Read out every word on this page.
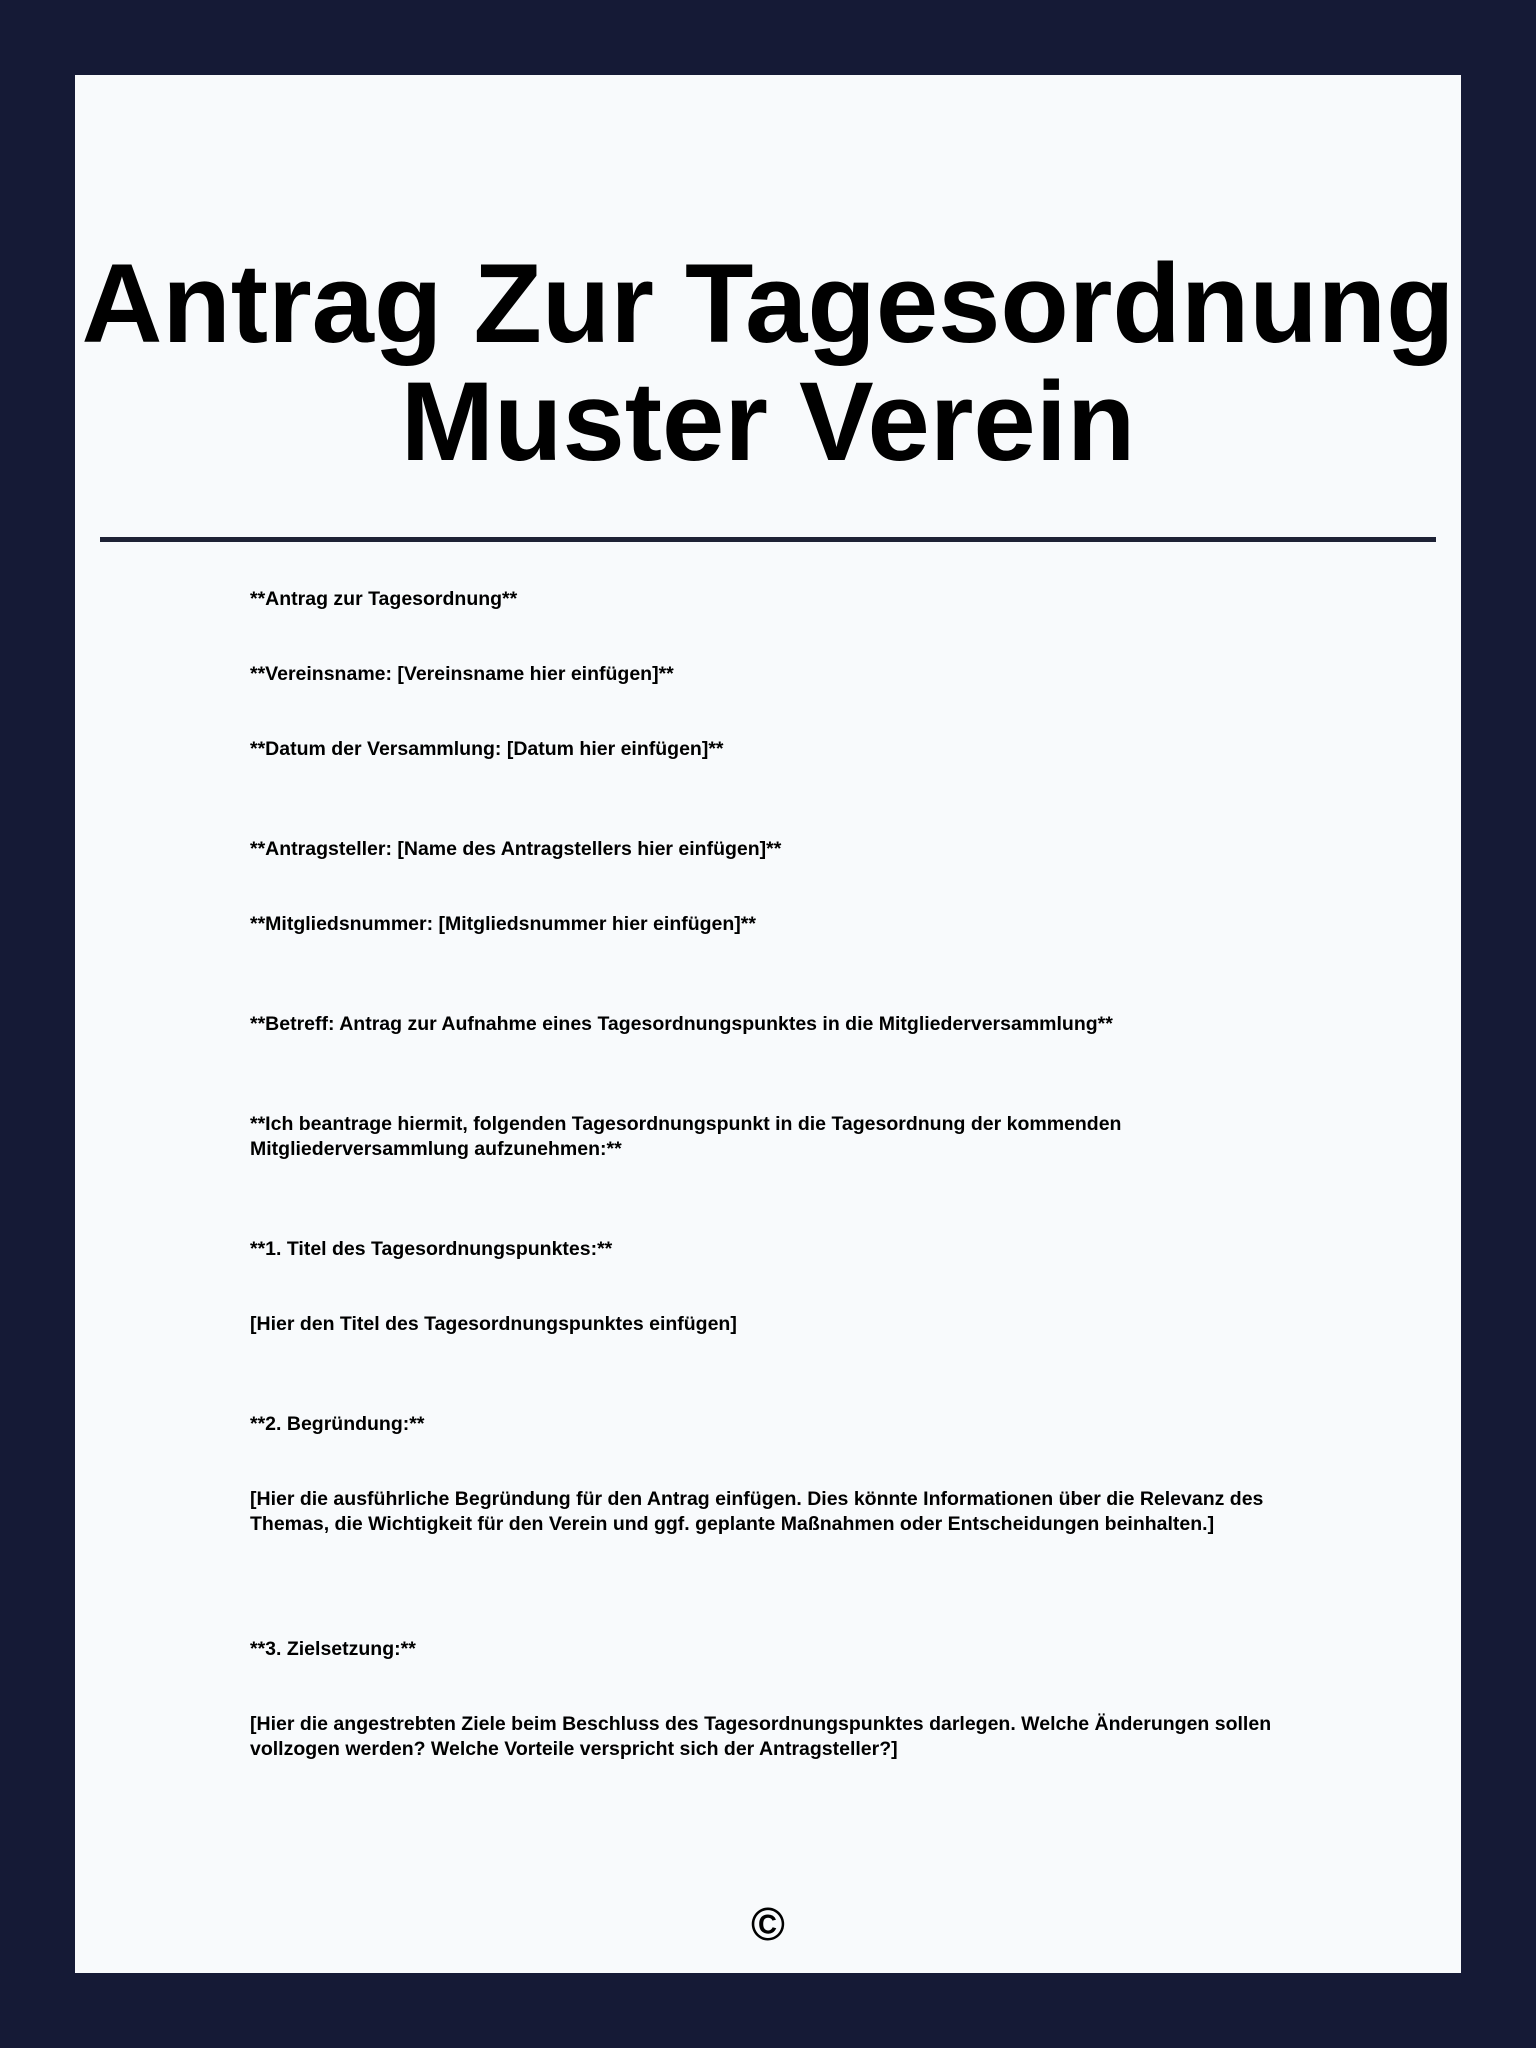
Antrag Zur Tagesordnung
Muster Verein

**Antrag zur Tagesordnung**

**Vereinsname: [Vereinsname hier einfügen]**

**Datum der Versammlung: [Datum hier einfügen]**

**Antragsteller: [Name des Antragstellers hier einfügen]**

**Mitgliedsnummer: [Mitgliedsnummer hier einfügen]**

**Betreff: Antrag zur Aufnahme eines Tagesordnungspunktes in die Mitgliederversammlung**

**Ich beantrage hiermit, folgenden Tagesordnungspunkt in die Tagesordnung der kommenden Mitgliederversammlung aufzunehmen:**

**1. Titel des Tagesordnungspunktes:**

[Hier den Titel des Tagesordnungspunktes einfügen]

**2. Begründung:**

[Hier die ausführliche Begründung für den Antrag einfügen. Dies könnte Informationen über die Relevanz des Themas, die Wichtigkeit für den Verein und ggf. geplante Maßnahmen oder Entscheidungen beinhalten.]

**3. Zielsetzung:**

[Hier die angestrebten Ziele beim Beschluss des Tagesordnungspunktes darlegen. Welche Änderungen sollen vollzogen werden? Welche Vorteile verspricht sich der Antragsteller?]

©
